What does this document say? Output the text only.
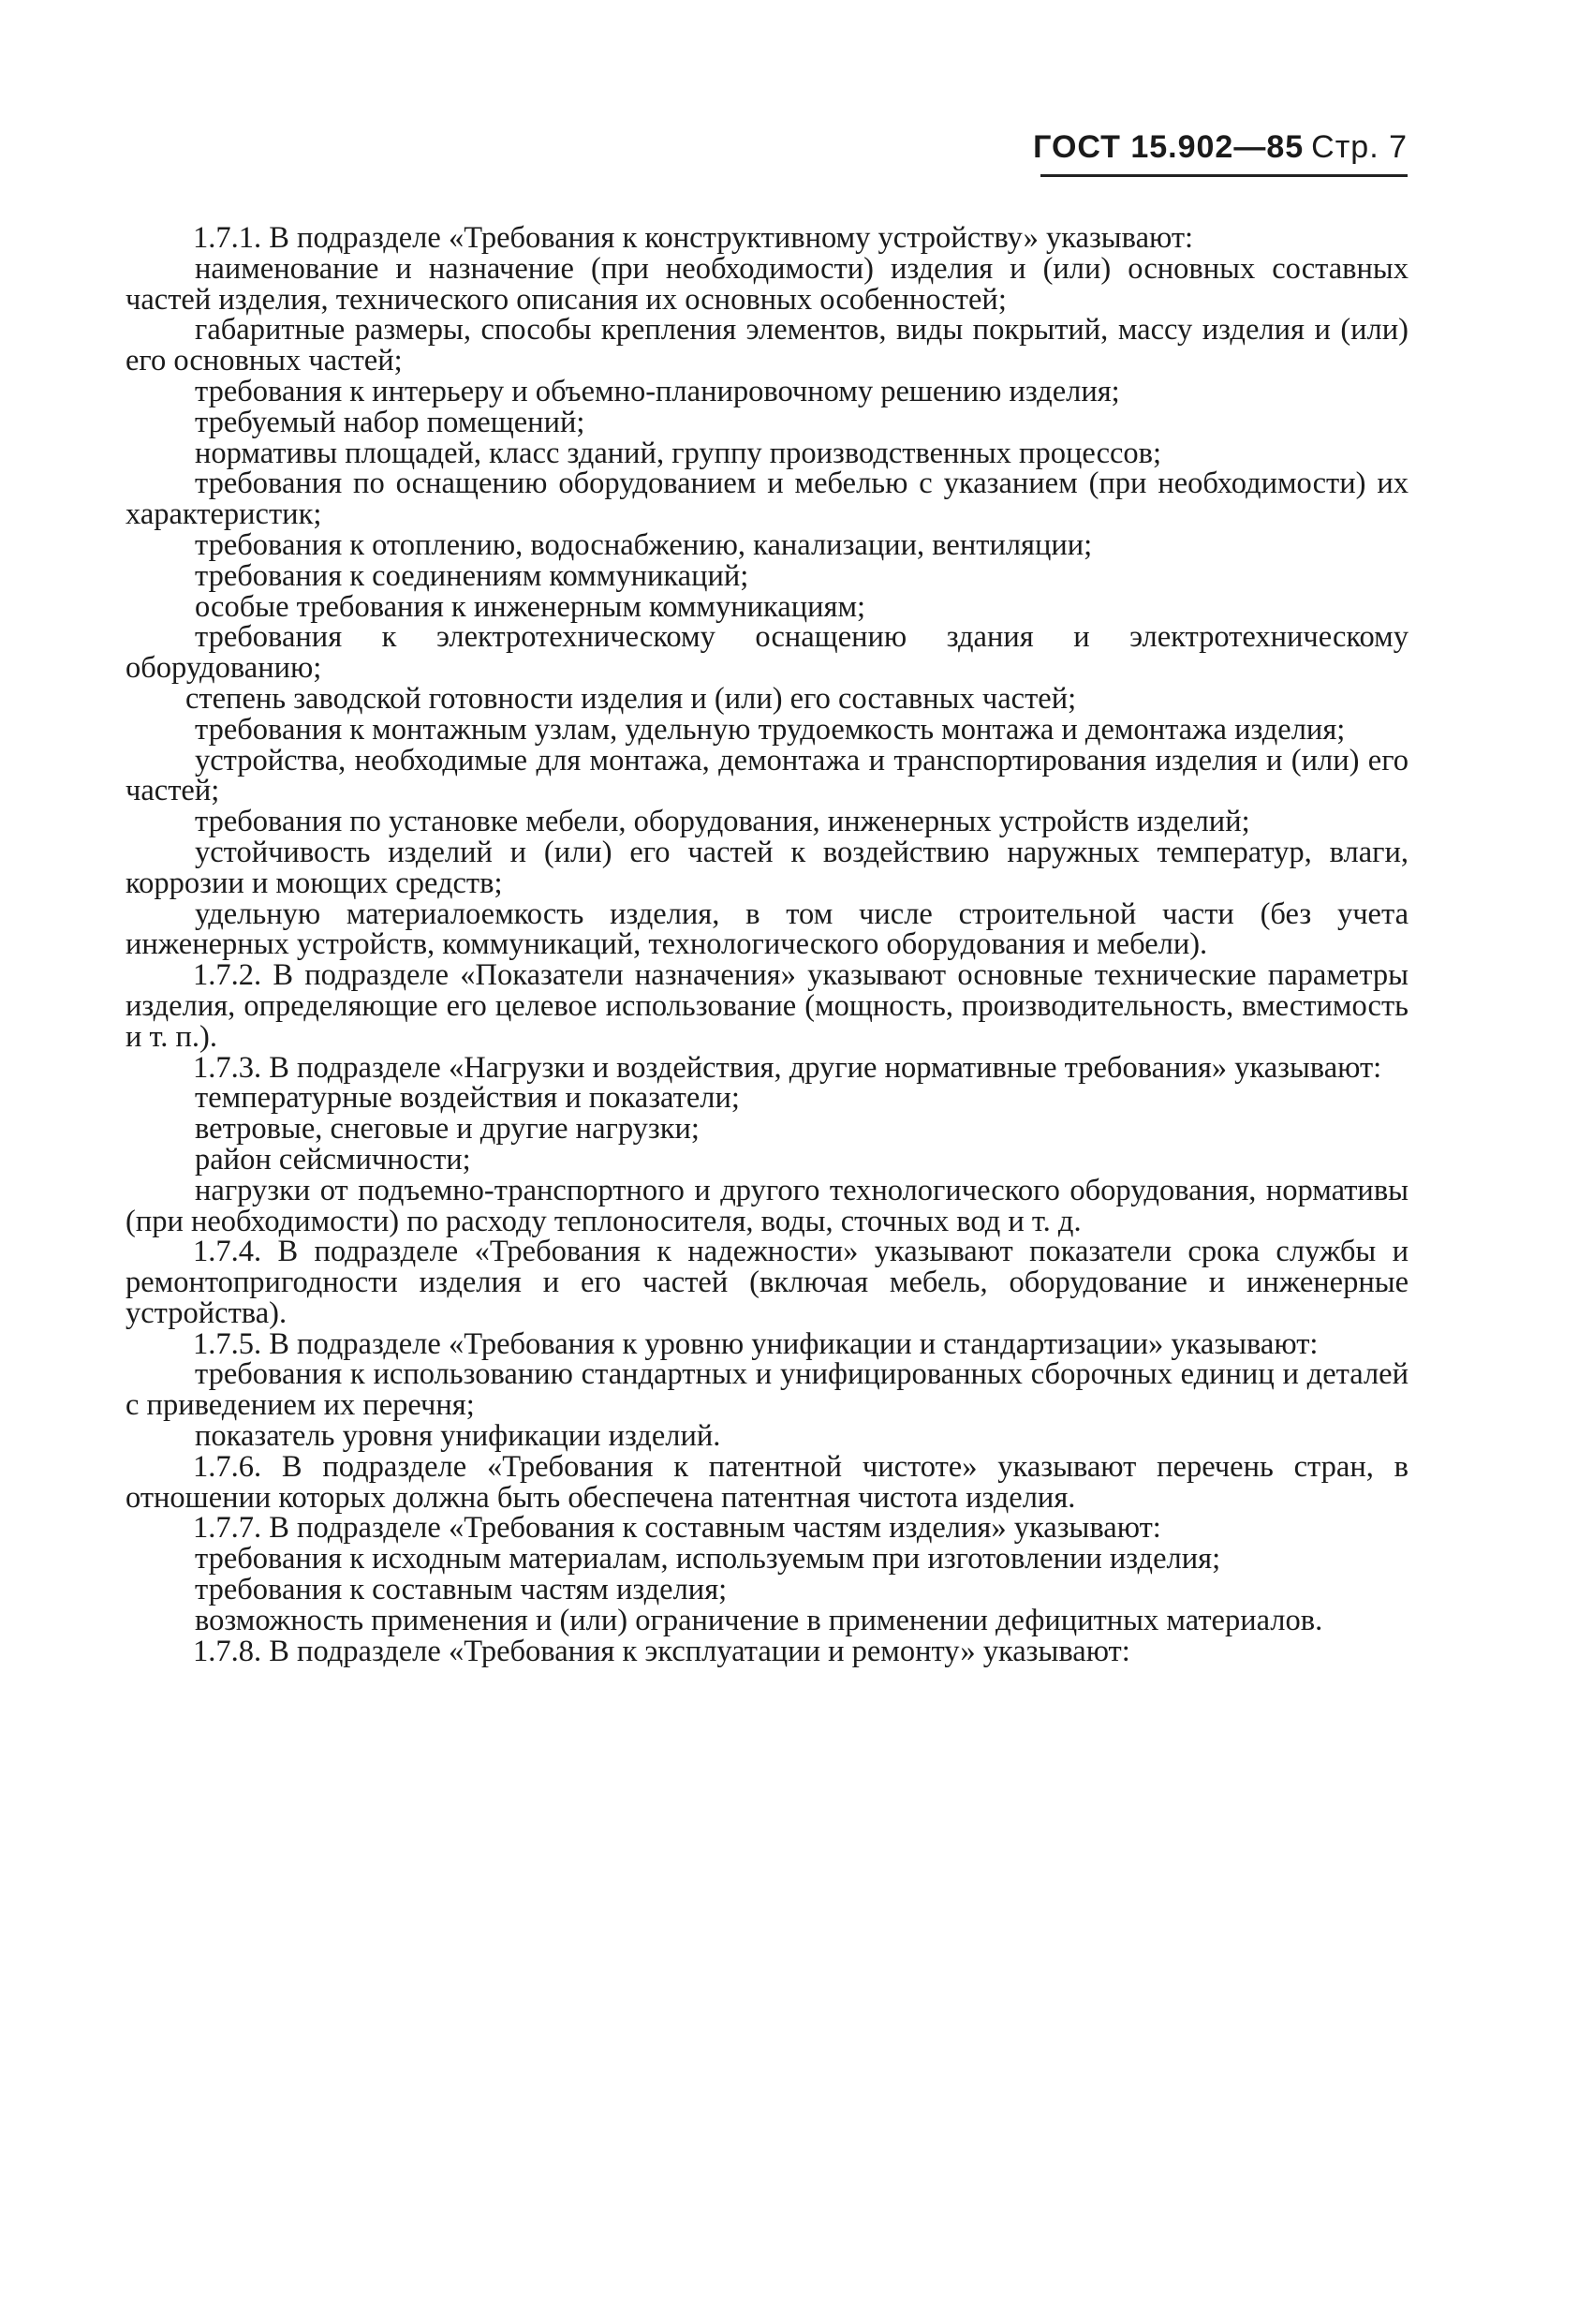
ГОСТ 15.902—85 Стр. 7

1.7.1. В подразделе «Требования к конструктивному устройству» указывают:

наименование и назначение (при необходимости) изделия и (или) основных составных частей изделия, технического описания их основных особенностей;

габаритные размеры, способы крепления элементов, виды покрытий, массу изделия и (или) его основных частей;

требования к интерьеру и объемно-планировочному решению изделия;

требуемый набор помещений;

нормативы площадей, класс зданий, группу производственных процессов;

требования по оснащению оборудованием и мебелью с указанием (при необходимости) их характеристик;

требования к отоплению, водоснабжению, канализации, вентиляции;

требования к соединениям коммуникаций;

особые требования к инженерным коммуникациям;

требования к электротехническому оснащению здания и электротехническому оборудованию;

степень заводской готовности изделия и (или) его составных частей;

требования к монтажным узлам, удельную трудоемкость монтажа и демонтажа изделия;

устройства, необходимые для монтажа, демонтажа и транспортирования изделия и (или) его частей;

требования по установке мебели, оборудования, инженерных устройств изделий;

устойчивость изделий и (или) его частей к воздействию наружных температур, влаги, коррозии и моющих средств;

удельную материалоемкость изделия, в том числе строительной части (без учета инженерных устройств, коммуникаций, технологического оборудования и мебели).

1.7.2. В подразделе «Показатели назначения» указывают основные технические параметры изделия, определяющие его целевое использование (мощность, производительность, вместимость и т. п.).

1.7.3. В подразделе «Нагрузки и воздействия, другие нормативные требования» указывают:

температурные воздействия и показатели;

ветровые, снеговые и другие нагрузки;

район сейсмичности;

нагрузки от подъемно-транспортного и другого технологического оборудования, нормативы (при необходимости) по расходу теплоносителя, воды, сточных вод и т. д.

1.7.4. В подразделе «Требования к надежности» указывают показатели срока службы и ремонтопригодности изделия и его частей (включая мебель, оборудование и инженерные устройства).

1.7.5. В подразделе «Требования к уровню унификации и стандартизации» указывают:

требования к использованию стандартных и унифицированных сборочных единиц и деталей с приведением их перечня;

показатель уровня унификации изделий.

1.7.6. В подразделе «Требования к патентной чистоте» указывают перечень стран, в отношении которых должна быть обеспечена патентная чистота изделия.

1.7.7. В подразделе «Требования к составным частям изделия» указывают:

требования к исходным материалам, используемым при изготовлении изделия;

требования к составным частям изделия;

возможность применения и (или) ограничение в применении дефицитных материалов.

1.7.8. В подразделе «Требования к эксплуатации и ремонту» указывают:
